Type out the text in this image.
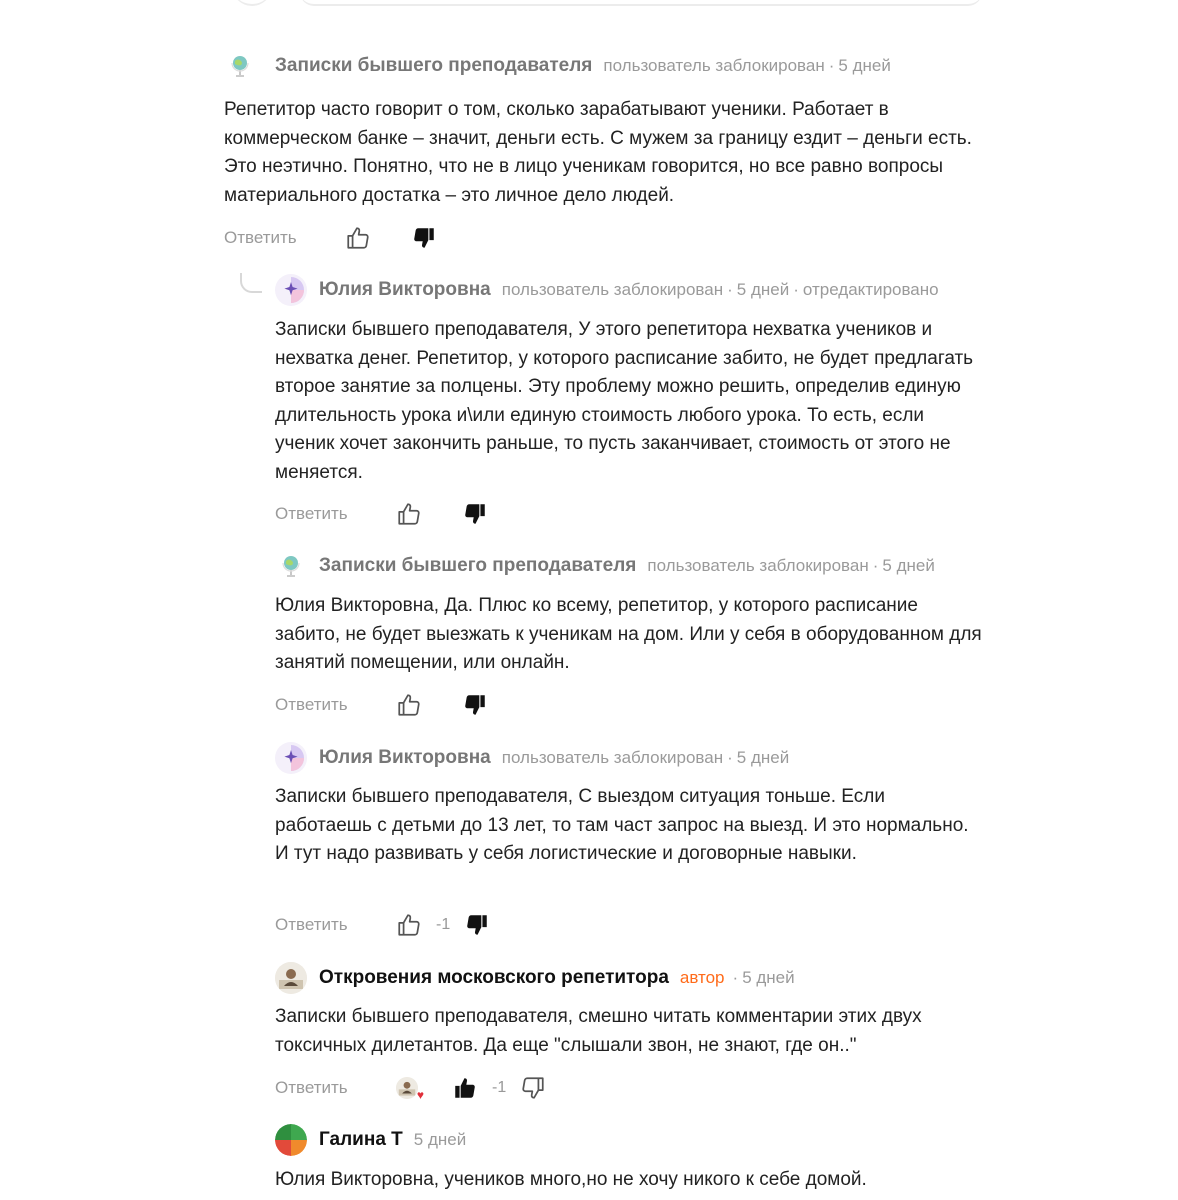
Записки бывшего преподавателя пользователь заблокирован · 5 дней
Репетитор часто говорит о том, сколько зарабатывают ученики. Работает в коммерческом банке – значит, деньги есть. С мужем за границу ездит – деньги есть. Это неэтично. Понятно, что не в лицо ученикам говорится, но все равно вопросы материального достатка – это личное дело людей.
Ответить
Юлия Викторовна пользователь заблокирован · 5 дней · отредактировано
Записки бывшего преподавателя, У этого репетитора нехватка учеников и нехватка денег. Репетитор, у которого расписание забито, не будет предлагать второе занятие за полцены. Эту проблему можно решить, определив единую длительность урока и\или единую стоимость любого урока. То есть, если ученик хочет закончить раньше, то пусть заканчивает, стоимость от этого не меняется.
Ответить
Записки бывшего преподавателя пользователь заблокирован · 5 дней
Юлия Викторовна, Да. Плюс ко всему, репетитор, у которого расписание забито, не будет выезжать к ученикам на дом. Или у себя в оборудованном для занятий помещении, или онлайн.
Ответить
Юлия Викторовна пользователь заблокирован · 5 дней
Записки бывшего преподавателя, С выездом ситуация тоньше. Если работаешь с детьми до 13 лет, то там част запрос на выезд. И это нормально. И тут надо развивать у себя логистические и договорные навыки.
Ответить	-1
Откровения московского репетитора автор · 5 дней
Записки бывшего преподавателя, смешно читать комментарии этих двух токсичных дилетантов. Да еще "слышали звон, не знают, где он.."
Ответить	♥	-1
Галина Т 5 дней
Юлия Викторовна, учеников много,но не хочу никого к себе домой.
